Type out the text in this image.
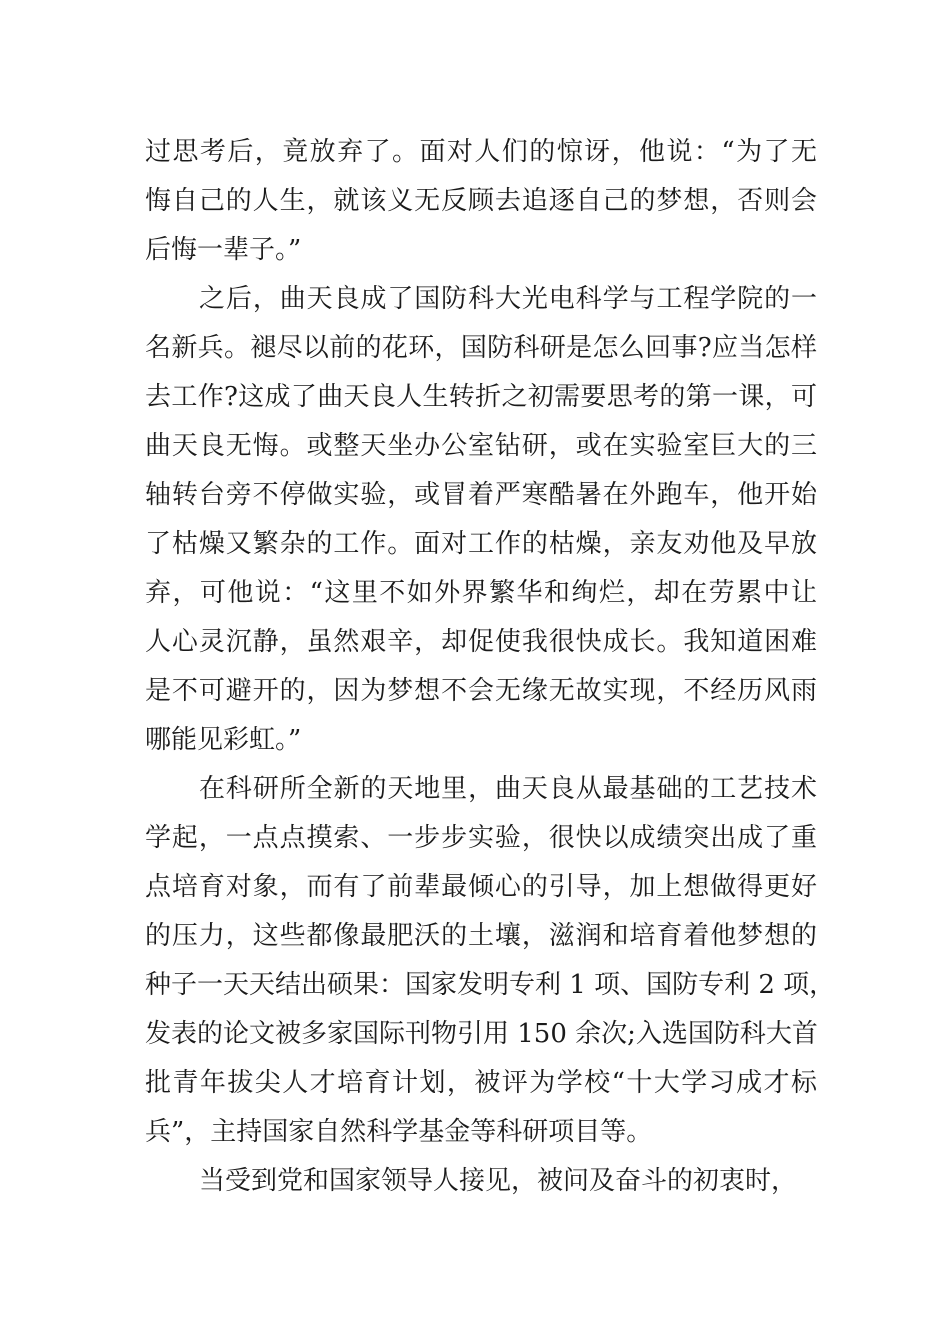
过思考后，竟放弃了。面对人们的惊讶，他说：“为了无
悔自己的人生，就该义无反顾去追逐自己的梦想，否则会
后悔一辈子。”
之后，曲天良成了国防科大光电科学与工程学院的一
名新兵。褪尽以前的花环，国防科研是怎么回事?应当怎样
去工作?这成了曲天良人生转折之初需要思考的第一课，可
曲天良无悔。或整天坐办公室钻研，或在实验室巨大的三
轴转台旁不停做实验，或冒着严寒酷暑在外跑车，他开始
了枯燥又繁杂的工作。面对工作的枯燥，亲友劝他及早放
弃，可他说：“这里不如外界繁华和绚烂，却在劳累中让
人心灵沉静，虽然艰辛，却促使我很快成长。我知道困难
是不可避开的，因为梦想不会无缘无故实现，不经历风雨
哪能见彩虹。”
在科研所全新的天地里，曲天良从最基础的工艺技术
学起，一点点摸索、一步步实验，很快以成绩突出成了重
点培育对象，而有了前辈最倾心的引导，加上想做得更好
的压力，这些都像最肥沃的土壤，滋润和培育着他梦想的
种子一天天结出硕果：国家发明专利 1 项、国防专利 2 项，
发表的论文被多家国际刊物引用 150 余次;入选国防科大首
批青年拔尖人才培育计划，被评为学校“十大学习成才标
兵”，主持国家自然科学基金等科研项目等。
当受到党和国家领导人接见，被问及奋斗的初衷时，
